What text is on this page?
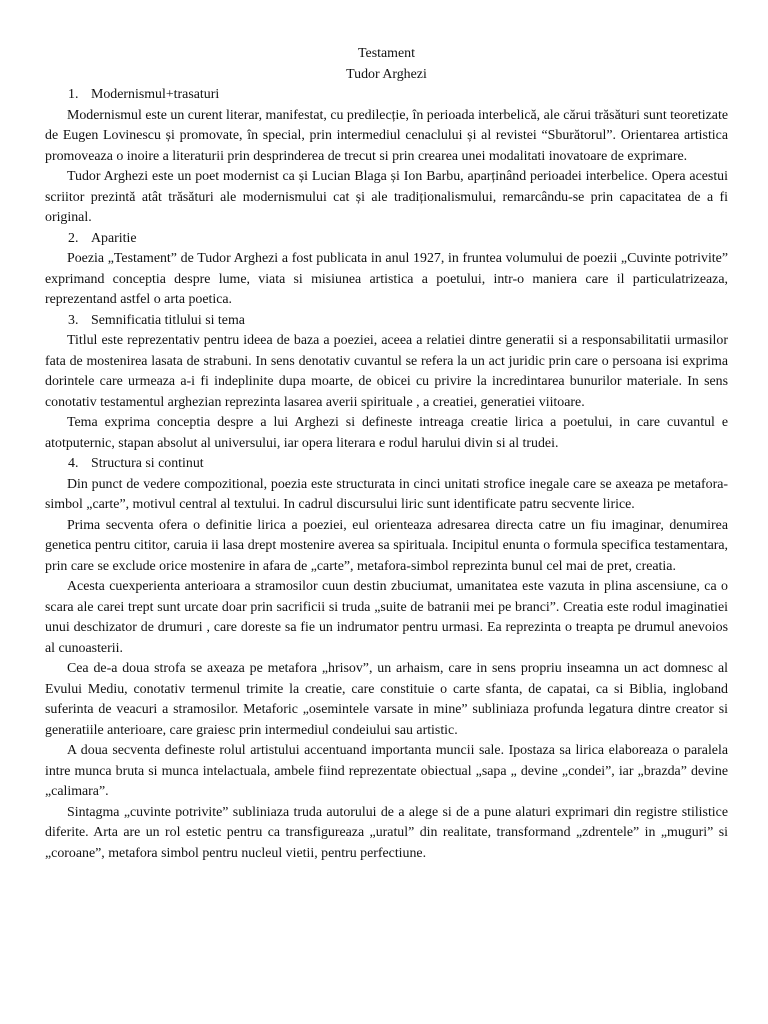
Testament

Tudor Arghezi

1. Modernismul+trasaturi

Modernismul este un curent literar, manifestat, cu predilecție, în perioada interbelică, ale cărui trăsături sunt teoretizate de Eugen Lovinescu și promovate, în special, prin intermediul cenaclului și al revistei “Sburătorul”. Orientarea artistica promoveaza o inoire a literaturii prin desprinderea de trecut si prin crearea unei modalitati inovatoare de exprimare.

Tudor Arghezi este un poet modernist ca și Lucian Blaga și Ion Barbu, aparținând perioadei interbelice. Opera acestui scriitor prezintă atât trăsături ale modernismului cat și ale tradiționalismului, remarcându-se prin capacitatea de a fi original.

2. Aparitie

Poezia „Testament” de Tudor Arghezi a fost publicata in anul 1927, in fruntea volumului de poezii „Cuvinte potrivite” exprimand conceptia despre lume, viata si misiunea artistica a poetului, intr-o maniera care il particulatrizeaza, reprezentand astfel o arta poetica.

3. Semnificatia titlului si tema

Titlul este reprezentativ pentru ideea de baza a poeziei, aceea a relatiei dintre generatii si a responsabilitatii urmasilor fata de mostenirea lasata de strabuni. In sens denotativ cuvantul se refera la un act juridic prin care o persoana isi exprima dorintele care urmeaza a-i fi indeplinite dupa moarte, de obicei cu privire la incredintarea bunurilor materiale. In sens conotativ testamentul arghezian reprezinta lasarea averii spirituale , a creatiei, generatiei viitoare.

Tema exprima conceptia despre a lui Arghezi si defineste intreaga creatie lirica a poetului, in care cuvantul e atotputernic, stapan absolut al universului, iar opera literara e rodul harului divin si al trudei.

4. Structura si continut

Din punct de vedere compozitional, poezia este structurata in cinci unitati strofice inegale care se axeaza pe metafora-simbol „carte”, motivul central al textului. In cadrul discursului liric sunt identificate patru secvente lirice.

Prima secventa ofera o definitie lirica a poeziei, eul orienteaza adresarea directa catre un fiu imaginar, denumirea genetica pentru cititor, caruia ii lasa drept mostenire averea sa spirituala. Incipitul enunta o formula specifica testamentara, prin care se exclude orice mostenire in afara de „carte”, metafora-simbol reprezinta bunul cel mai de pret, creatia.

Acesta cuexperienta anterioara a stramosilor cuun destin zbuciumat, umanitatea este vazuta in plina ascensiune, ca o scara ale carei trept sunt urcate doar prin sacrificii si truda „suite de batranii mei pe branci”. Creatia este rodul imaginatiei unui deschizator de drumuri , care doreste sa fie un indrumator pentru urmasi. Ea reprezinta o treapta pe drumul anevoios al cunoasterii.

Cea de-a doua strofa se axeaza pe metafora „hrisov”, un arhaism, care in sens propriu inseamna un act domnesc al Evului Mediu, conotativ termenul trimite la creatie, care constituie o carte sfanta, de capatai, ca si Biblia, ingloband suferinta de veacuri a stramosilor. Metaforic „osemintele varsate in mine” subliniaza profunda legatura dintre creator si generatiile anterioare, care graiesc prin intermediul condeiului sau artistic.

A doua secventa defineste rolul artistului accentuand importanta muncii sale. Ipostaza sa lirica elaboreaza o paralela intre munca bruta si munca intelactuala, ambele fiind reprezentate obiectual „sapa „ devine „condei”, iar „brazda” devine „calimara”.

Sintagma „cuvinte potrivite” subliniaza truda autorului de a alege si de a pune alaturi exprimari din registre stilistice diferite. Arta are un rol estetic pentru ca transfigureaza „uratul” din realitate, transformand „zdrentele” in „muguri” si „coroane”, metafora simbol pentru nucleul vietii, pentru perfectiune.
